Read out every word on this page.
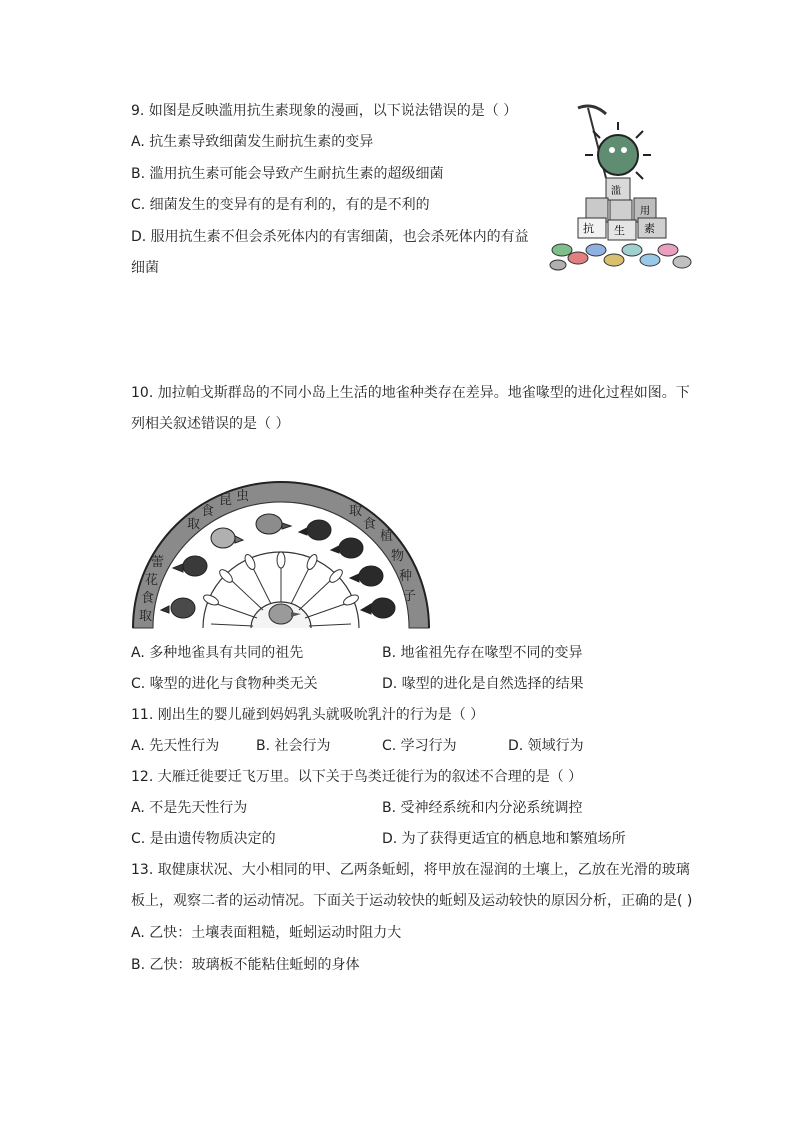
9. 如图是反映滥用抗生素现象的漫画，以下说法错误的是（ ）
A. 抗生素导致细菌发生耐抗生素的变异
B. 滥用抗生素可能会导致产生耐抗生素的超级细菌
C. 细菌发生的变异有的是有利的，有的是不利的
D. 服用抗生素不但会杀死体内的有害细菌，也会杀死体内的有益
细菌
滥
用
抗 生 素
10. 加拉帕戈斯群岛的不同小岛上生活的地雀种类存在差异。地雀喙型的进化过程如图。下
列相关叙述错误的是（ ）
取
食
昆 虫
取
食
植
物
种
子
蕾
花
食
取
A. 多种地雀具有共同的祖先	B. 地雀祖先存在喙型不同的变异
C. 喙型的进化与食物种类无关	D. 喙型的进化是自然选择的结果
11. 刚出生的婴儿碰到妈妈乳头就吸吮乳汁的行为是（ ）
A. 先天性行为	B. 社会行为	C. 学习行为	D. 领域行为
12. 大雁迁徙要迁飞万里。以下关于鸟类迁徙行为的叙述不合理的是（ ）
A. 不是先天性行为	B. 受神经系统和内分泌系统调控
C. 是由遗传物质决定的	D. 为了获得更适宜的栖息地和繁殖场所
13. 取健康状况、大小相同的甲、乙两条蚯蚓，将甲放在湿润的土壤上，乙放在光滑的玻璃
板上，观察二者的运动情况。下面关于运动较快的蚯蚓及运动较快的原因分析，正确的是( )
A. 乙快：土壤表面粗糙，蚯蚓运动时阻力大
B. 乙快：玻璃板不能粘住蚯蚓的身体
